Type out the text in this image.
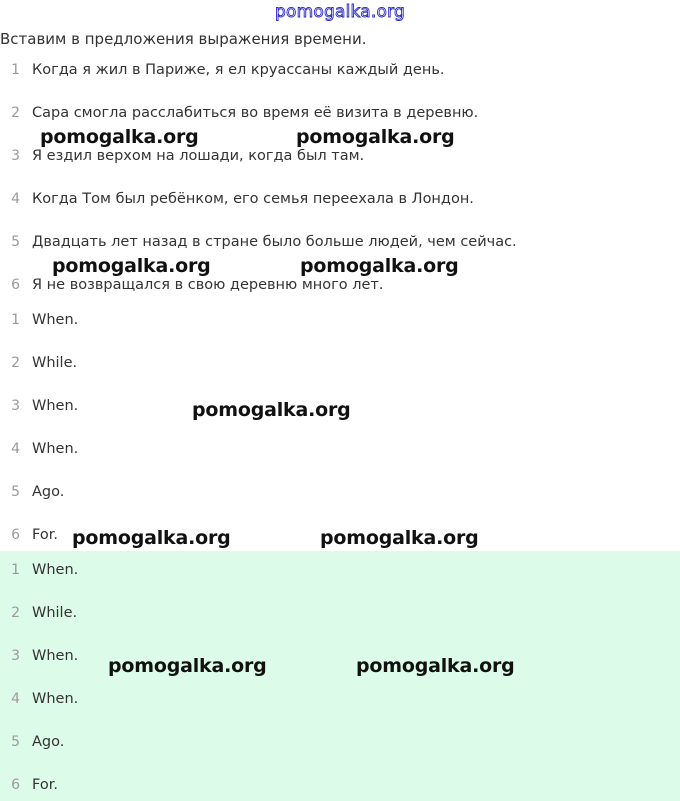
pomogalka.org
Вставим в предложения выражения времени.
1 Когда я жил в Париже, я ел круассаны каждый день.
2 Сара смогла расслабиться во время её визита в деревню.
3 Я ездил верхом на лошади, когда был там.
4 Когда Том был ребёнком, его семья переехала в Лондон.
5 Двадцать лет назад в стране было больше людей, чем сейчас.
6 Я не возвращался в свою деревню много лет.
1 When.
2 While.
3 When.
4 When.
5 Ago.
6 For.
1 When.
2 While.
3 When.
4 When.
5 Ago.
6 For.
pomogalka.org	pomogalka.org
pomogalka.org	pomogalka.org
pomogalka.org
pomogalka.org	pomogalka.org
pomogalka.org	pomogalka.org
